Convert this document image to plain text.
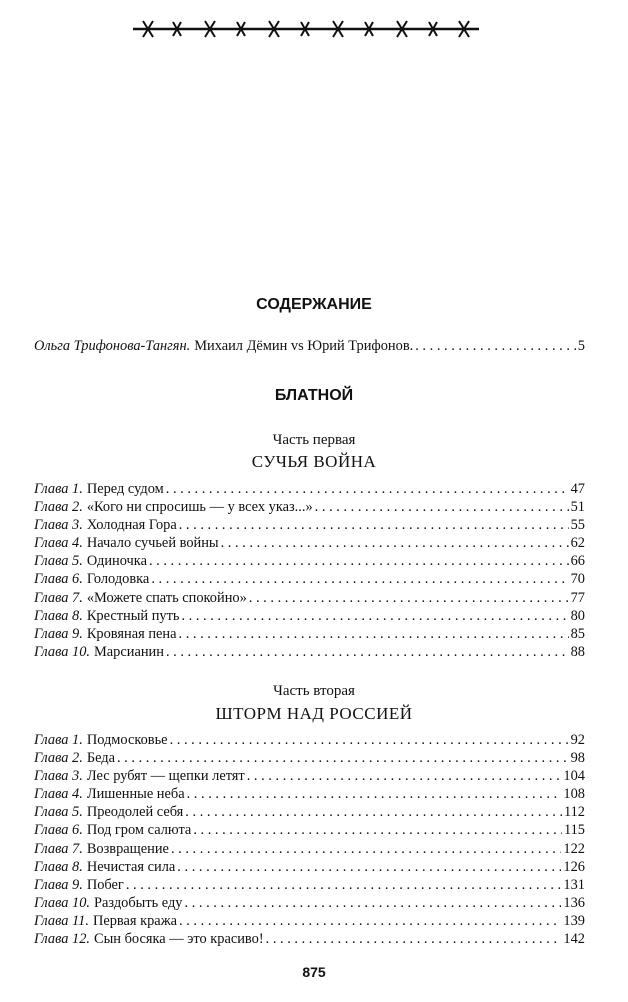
СОДЕРЖАНИЕ
Ольга Трифонова-Тангян. Михаил Дёмин vs Юрий Трифонов. . . .	5
БЛАТНОЙ
Часть первая
СУЧЬЯ ВОЙНА
Глава 1. Перед судом . . .	47
Глава 2. «Кого ни спросишь — у всех указ...» . . .	51
Глава 3. Холодная Гора . . .	55
Глава 4. Начало сучьей войны . . .	62
Глава 5. Одиночка . . .	66
Глава 6. Голодовка . . .	70
Глава 7. «Можете спать спокойно» . . .	77
Глава 8. Крестный путь . . .	80
Глава 9. Кровяная пена . . .	85
Глава 10. Марсианин . . .	88
Часть вторая
ШТОРМ НАД РОССИЕЙ
Глава 1. Подмосковье . . .	92
Глава 2. Беда . . .	98
Глава 3. Лес рубят — щепки летят . . .	104
Глава 4. Лишенные неба . . .	108
Глава 5. Преодолей себя . . .	112
Глава 6. Под гром салюта . . .	115
Глава 7. Возвращение . . .	122
Глава 8. Нечистая сила . . .	126
Глава 9. Побег . . .	131
Глава 10. Раздобыть еду . . .	136
Глава 11. Первая кража . . .	139
Глава 12. Сын босяка — это красиво! . . .	142
875
